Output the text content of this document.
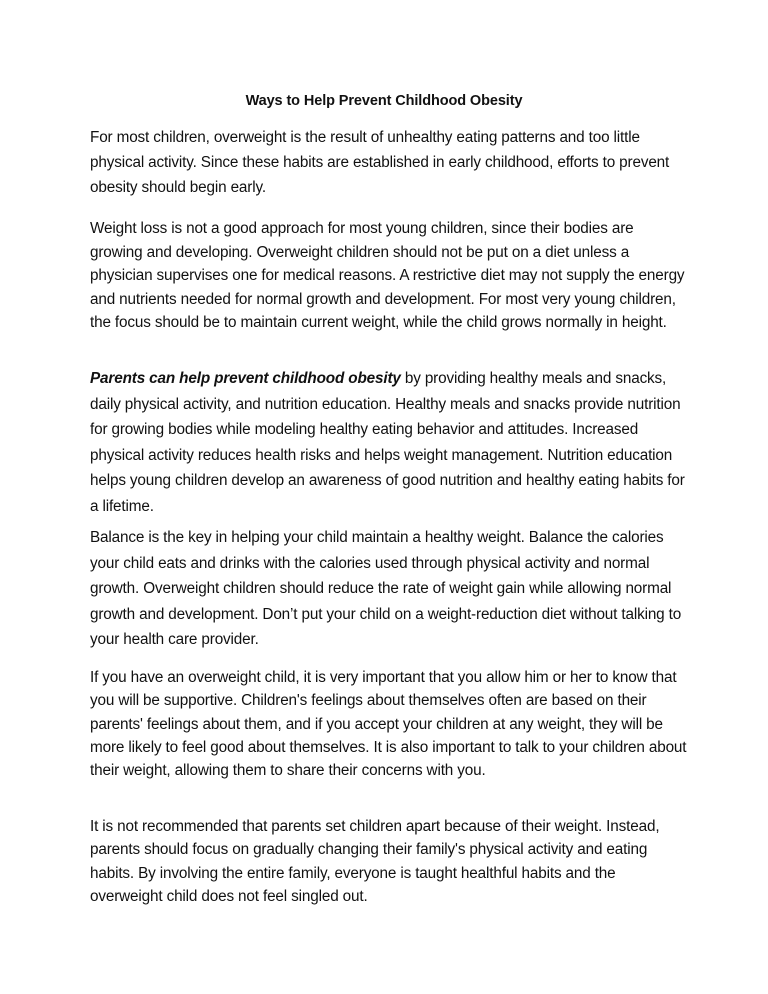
Ways to Help Prevent Childhood Obesity

For most children, overweight is the result of unhealthy eating patterns and too little physical activity. Since these habits are established in early childhood, efforts to prevent obesity should begin early.

Weight loss is not a good approach for most young children, since their bodies are growing and developing. Overweight children should not be put on a diet unless a physician supervises one for medical reasons. A restrictive diet may not supply the energy and nutrients needed for normal growth and development. For most very young children, the focus should be to maintain current weight, while the child grows normally in height.

Parents can help prevent childhood obesity by providing healthy meals and snacks, daily physical activity, and nutrition education. Healthy meals and snacks provide nutrition for growing bodies while modeling healthy eating behavior and attitudes. Increased physical activity reduces health risks and helps weight management. Nutrition education helps young children develop an awareness of good nutrition and healthy eating habits for a lifetime.

Balance is the key in helping your child maintain a healthy weight. Balance the calories your child eats and drinks with the calories used through physical activity and normal growth. Overweight children should reduce the rate of weight gain while allowing normal growth and development. Don’t put your child on a weight-reduction diet without talking to your health care provider.

If you have an overweight child, it is very important that you allow him or her to know that you will be supportive. Children's feelings about themselves often are based on their parents' feelings about them, and if you accept your children at any weight, they will be more likely to feel good about themselves. It is also important to talk to your children about their weight, allowing them to share their concerns with you.

It is not recommended that parents set children apart because of their weight. Instead, parents should focus on gradually changing their family's physical activity and eating habits. By involving the entire family, everyone is taught healthful habits and the overweight child does not feel singled out.
